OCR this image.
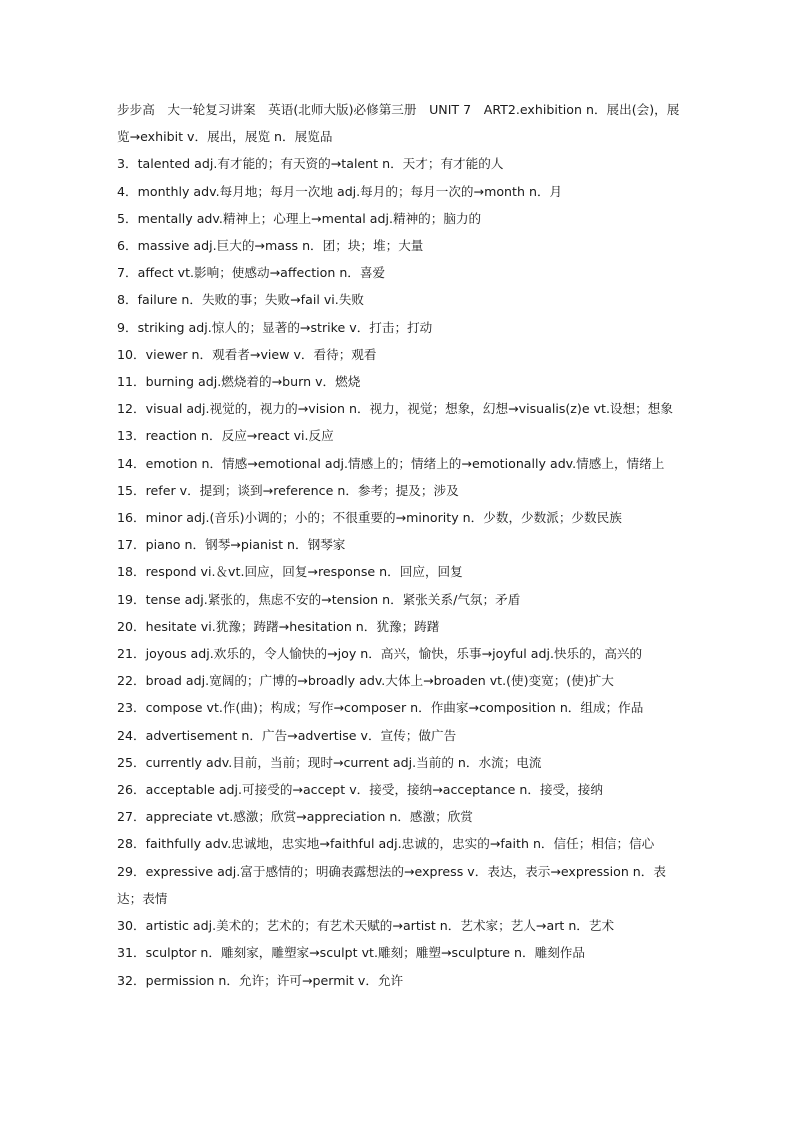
步步高　大一轮复习讲案　英语(北师大版)必修第三册　UNIT 7　ART2.exhibition n．展出(会)，展览→exhibit v．展出，展览 n．展览品
3．talented adj.有才能的；有天资的→talent n．天才；有才能的人
4．monthly adv.每月地；每月一次地 adj.每月的；每月一次的→month n．月
5．mentally adv.精神上；心理上→mental adj.精神的；脑力的
6．massive adj.巨大的→mass n．团；块；堆；大量
7．affect vt.影响；使感动→affection n．喜爱
8．failure n．失败的事；失败→fail vi.失败
9．striking adj.惊人的；显著的→strike v．打击；打动
10．viewer n．观看者→view v．看待；观看
11．burning adj.燃烧着的→burn v．燃烧
12．visual adj.视觉的，视力的→vision n．视力，视觉；想象，幻想→visualis(z)e vt.设想；想象
13．reaction n．反应→react vi.反应
14．emotion n．情感→emotional adj.情感上的；情绪上的→emotionally adv.情感上，情绪上
15．refer v．提到；谈到→reference n．参考；提及；涉及
16．minor adj.(音乐)小调的；小的；不很重要的→minority n．少数，少数派；少数民族
17．piano n．钢琴→pianist n．钢琴家
18．respond vi.＆vt.回应，回复→response n．回应，回复
19．tense adj.紧张的，焦虑不安的→tension n．紧张关系/气氛；矛盾
20．hesitate vi.犹豫；踌躇→hesitation n．犹豫；踌躇
21．joyous adj.欢乐的，令人愉快的→joy n．高兴，愉快，乐事→joyful adj.快乐的，高兴的
22．broad adj.宽阔的；广博的→broadly adv.大体上→broaden vt.(使)变宽；(使)扩大
23．compose vt.作(曲)；构成；写作→composer n．作曲家→composition n．组成；作品
24．advertisement n．广告→advertise v．宣传；做广告
25．currently adv.目前，当前；现时→current adj.当前的 n．水流；电流
26．acceptable adj.可接受的→accept v．接受，接纳→acceptance n．接受，接纳
27．appreciate vt.感激；欣赏→appreciation n．感激；欣赏
28．faithfully adv.忠诚地，忠实地→faithful adj.忠诚的，忠实的→faith n．信任；相信；信心
29．expressive adj.富于感情的；明确表露想法的→express v．表达，表示→expression n．表达；表情
30．artistic adj.美术的；艺术的；有艺术天赋的→artist n．艺术家；艺人→art n．艺术
31．sculptor n．雕刻家，雕塑家→sculpt vt.雕刻；雕塑→sculpture n．雕刻作品
32．permission n．允许；许可→permit v．允许
